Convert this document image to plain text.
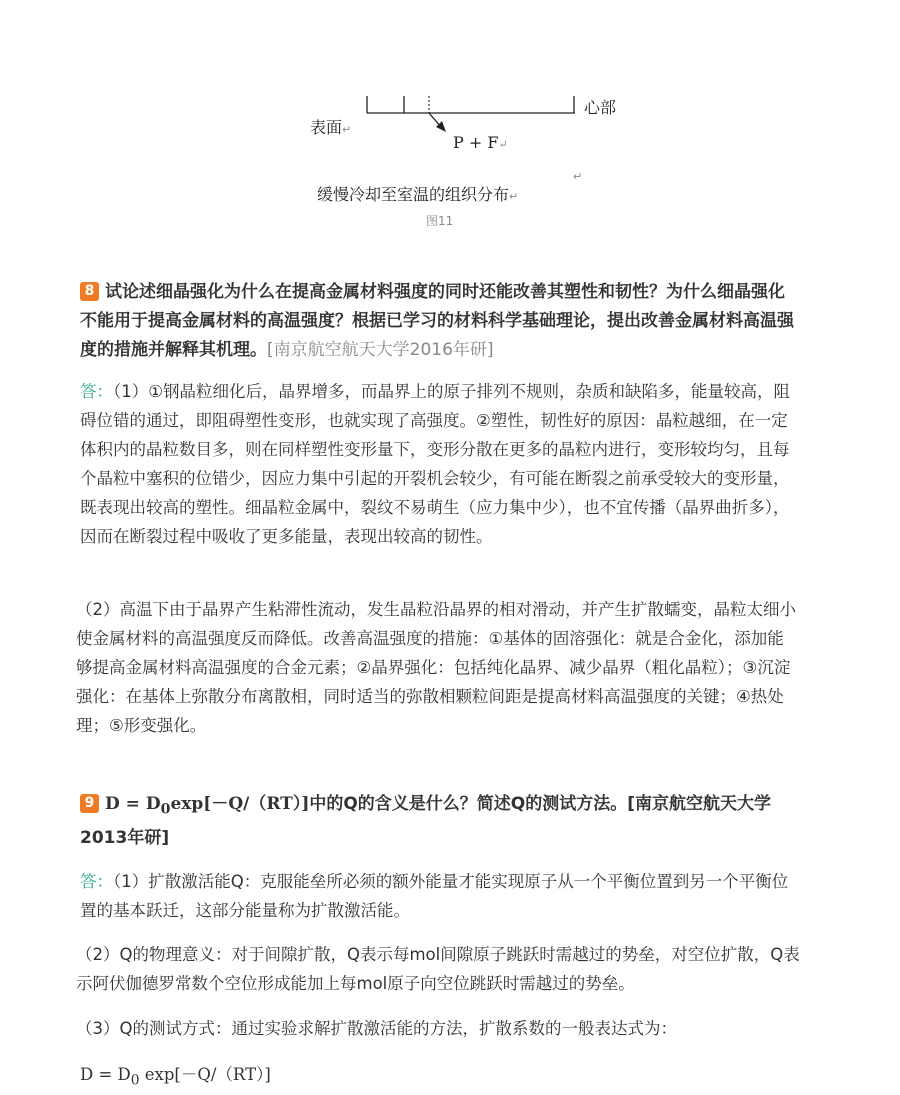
表面↵
心部
P + F↵
↵
缓慢冷却至室温的组织分布↵
图11
8 试论述细晶强化为什么在提高金属材料强度的同时还能改善其塑性和韧性？为什么细晶强化不能用于提高金属材料的高温强度？根据已学习的材料科学基础理论，提出改善金属材料高温强度的措施并解释其机理。[南京航空航天大学2016年研]

答：（1）①钢晶粒细化后，晶界增多，而晶界上的原子排列不规则，杂质和缺陷多，能量较高，阻碍位错的通过，即阻碍塑性变形，也就实现了高强度。②塑性，韧性好的原因：晶粒越细，在一定体积内的晶粒数目多，则在同样塑性变形量下，变形分散在更多的晶粒内进行，变形较均匀，且每个晶粒中塞积的位错少，因应力集中引起的开裂机会较少，有可能在断裂之前承受较大的变形量，既表现出较高的塑性。细晶粒金属中，裂纹不易萌生（应力集中少），也不宜传播（晶界曲折多），因而在断裂过程中吸收了更多能量，表现出较高的韧性。

（2）高温下由于晶界产生粘滞性流动，发生晶粒沿晶界的相对滑动，并产生扩散蠕变，晶粒太细小使金属材料的高温强度反而降低。改善高温强度的措施：①基体的固溶强化：就是合金化，添加能够提高金属材料高温强度的合金元素；②晶界强化：包括纯化晶界、减少晶界（粗化晶粒）；③沉淀强化：在基体上弥散分布离散相，同时适当的弥散相颗粒间距是提高材料高温强度的关键；④热处理；⑤形变强化。

9 $D = D_0\exp[-Q/(RT)]$中的Q的含义是什么？简述Q的测试方法。[南京航空航天大学2013年研]

答：（1）扩散激活能Q：克服能垒所必须的额外能量才能实现原子从一个平衡位置到另一个平衡位置的基本跃迁，这部分能量称为扩散激活能。

（2）Q的物理意义：对于间隙扩散，Q表示每mol间隙原子跳跃时需越过的势垒，对空位扩散，Q表示阿伏伽德罗常数个空位形成能加上每mol原子向空位跳跃时需越过的势垒。

（3）Q的测试方式：通过实验求解扩散激活能的方法，扩散系数的一般表达式为：

$D = D_0$ exp[－Q/（RT）]
